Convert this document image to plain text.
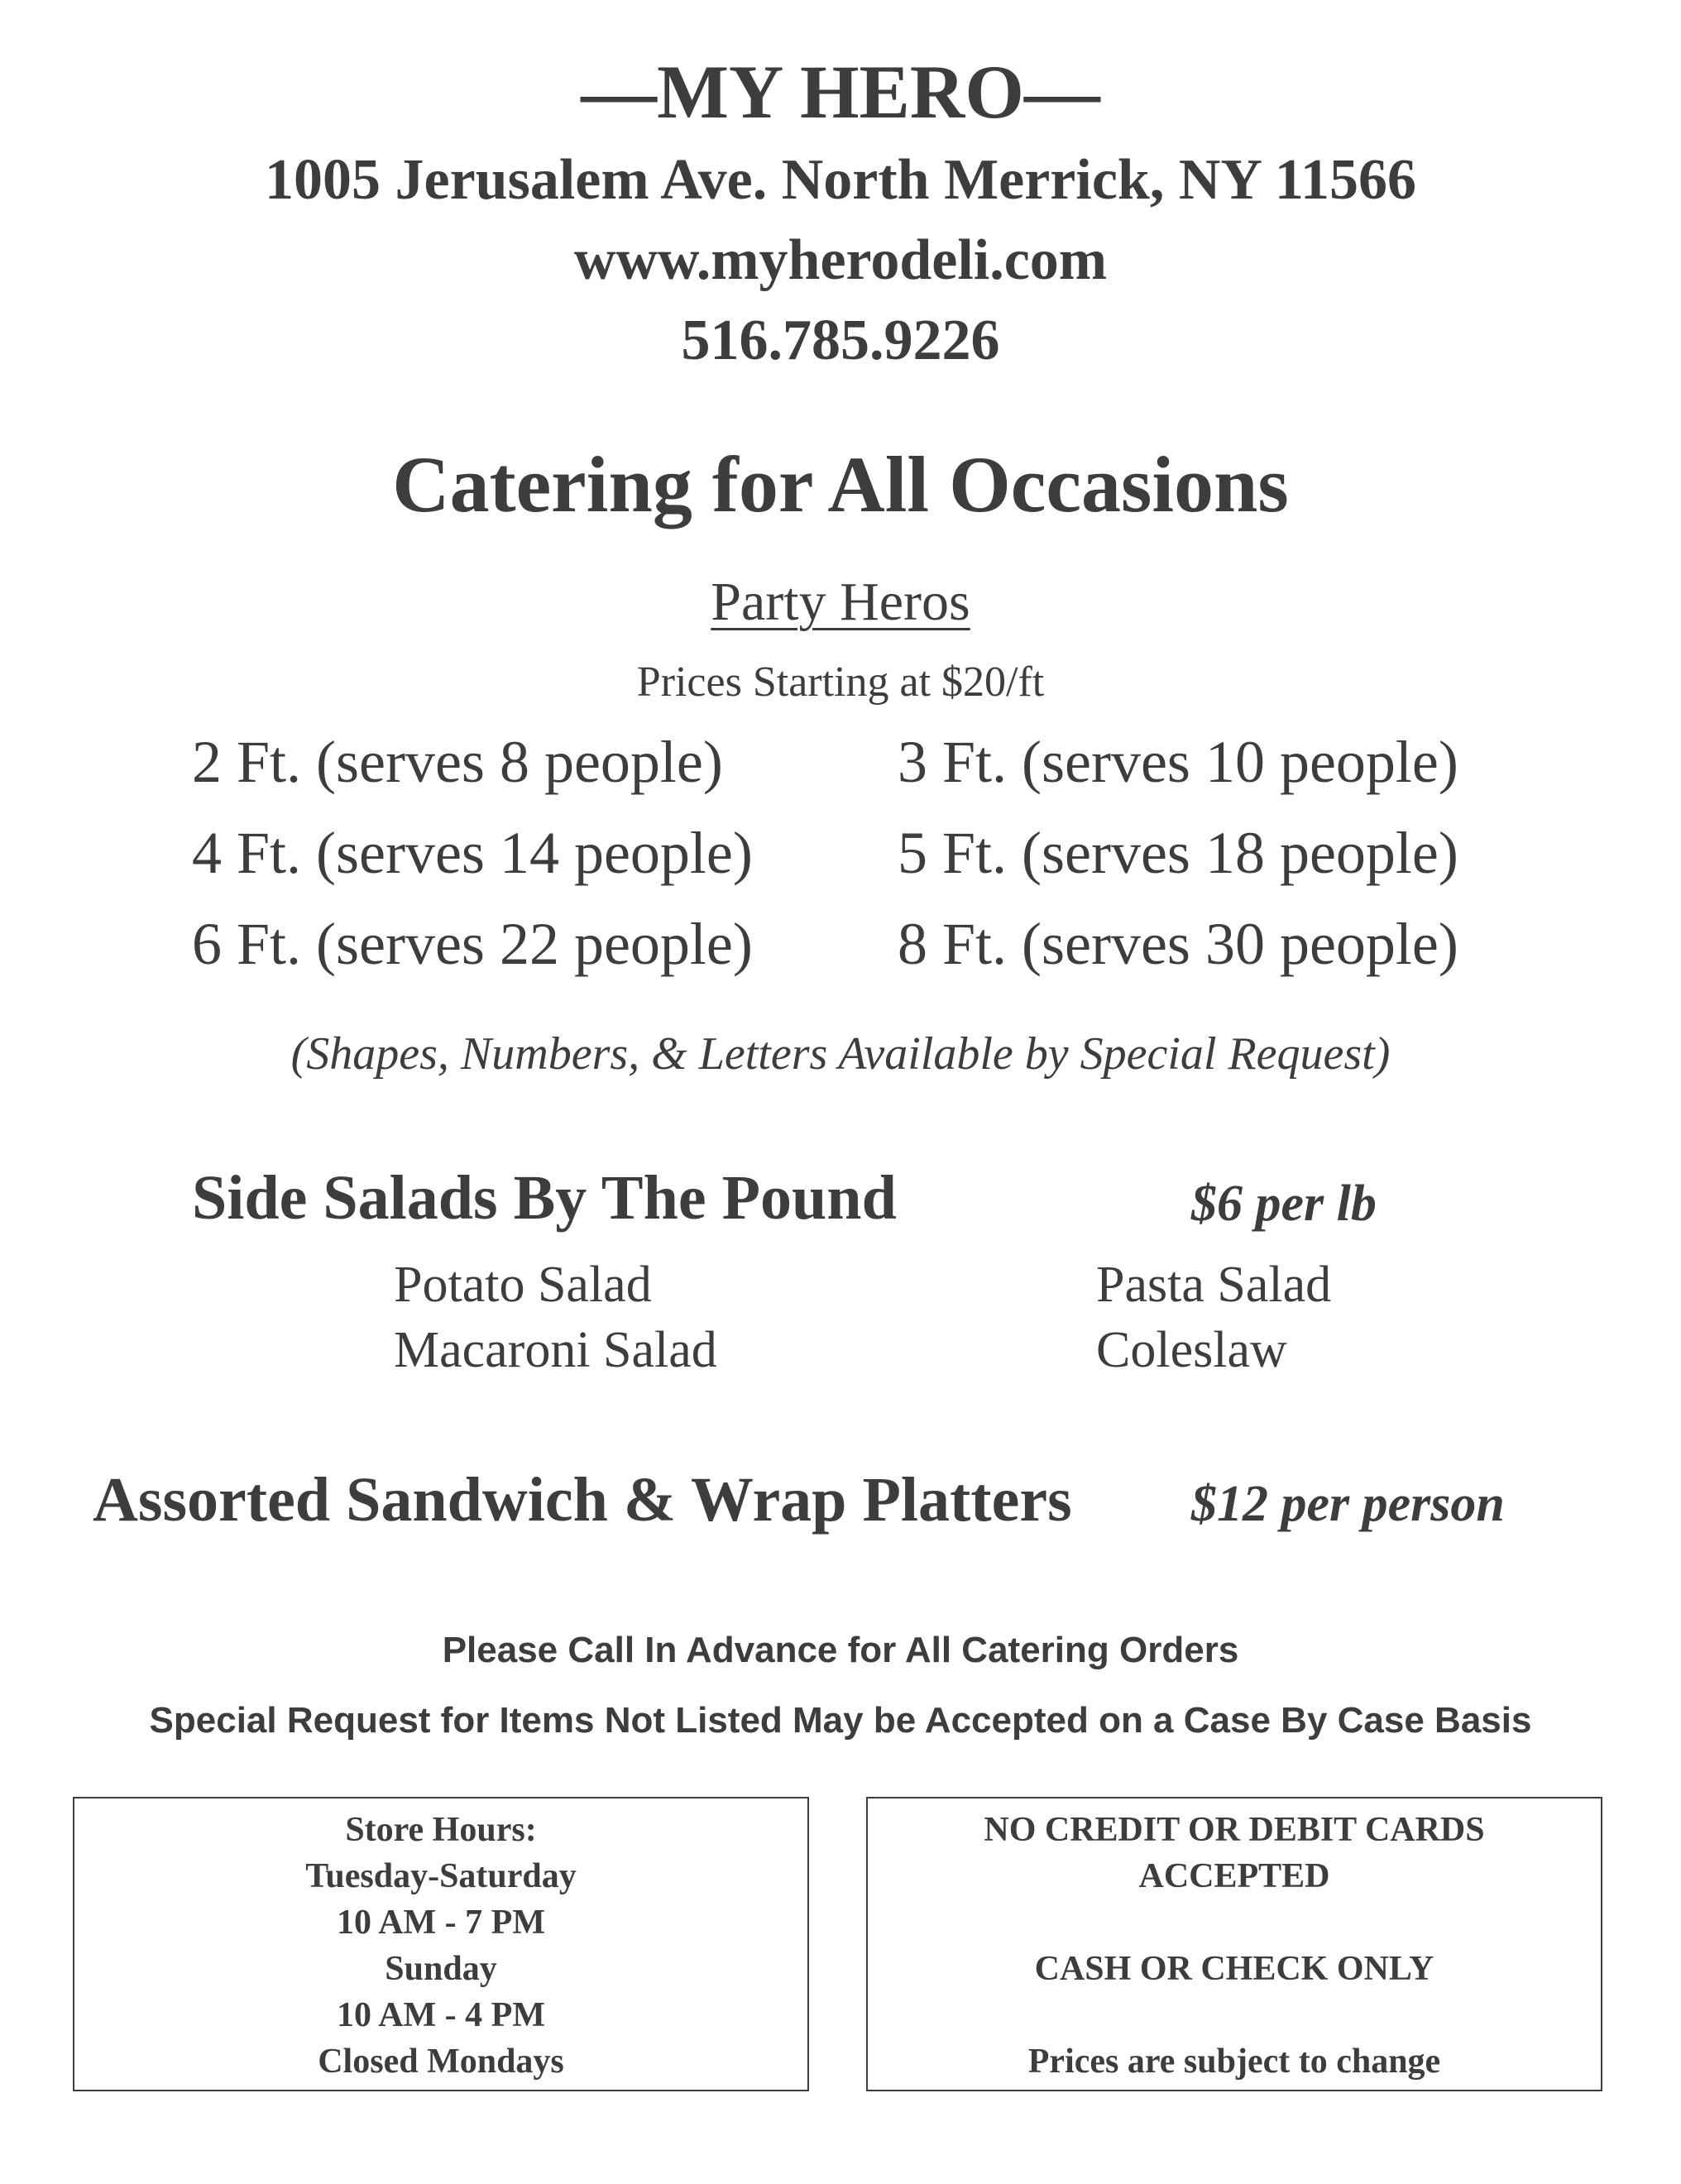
—MY HERO—
1005 Jerusalem Ave. North Merrick, NY 11566
www.myherodeli.com
516.785.9226
Catering for All Occasions
Party Heros
Prices Starting at $20/ft
2 Ft. (serves 8 people)	3 Ft. (serves 10 people)
4 Ft. (serves 14 people) 5 Ft. (serves 18 people)
6 Ft. (serves 22 people) 8 Ft. (serves 30 people)
(Shapes, Numbers, & Letters Available by Special Request)
Side Salads By The Pound	$6 per lb
Potato Salad	Pasta Salad
Macaroni Salad	Coleslaw
Assorted Sandwich & Wrap Platters $12 per person
Please Call In Advance for All Catering Orders
Special Request for Items Not Listed May be Accepted on a Case By Case Basis
Store Hours:
Tuesday-Saturday
10 AM - 7 PM
Sunday
10 AM - 4 PM
Closed Mondays
NO CREDIT OR DEBIT CARDS
ACCEPTED
CASH OR CHECK ONLY
Prices are subject to change
